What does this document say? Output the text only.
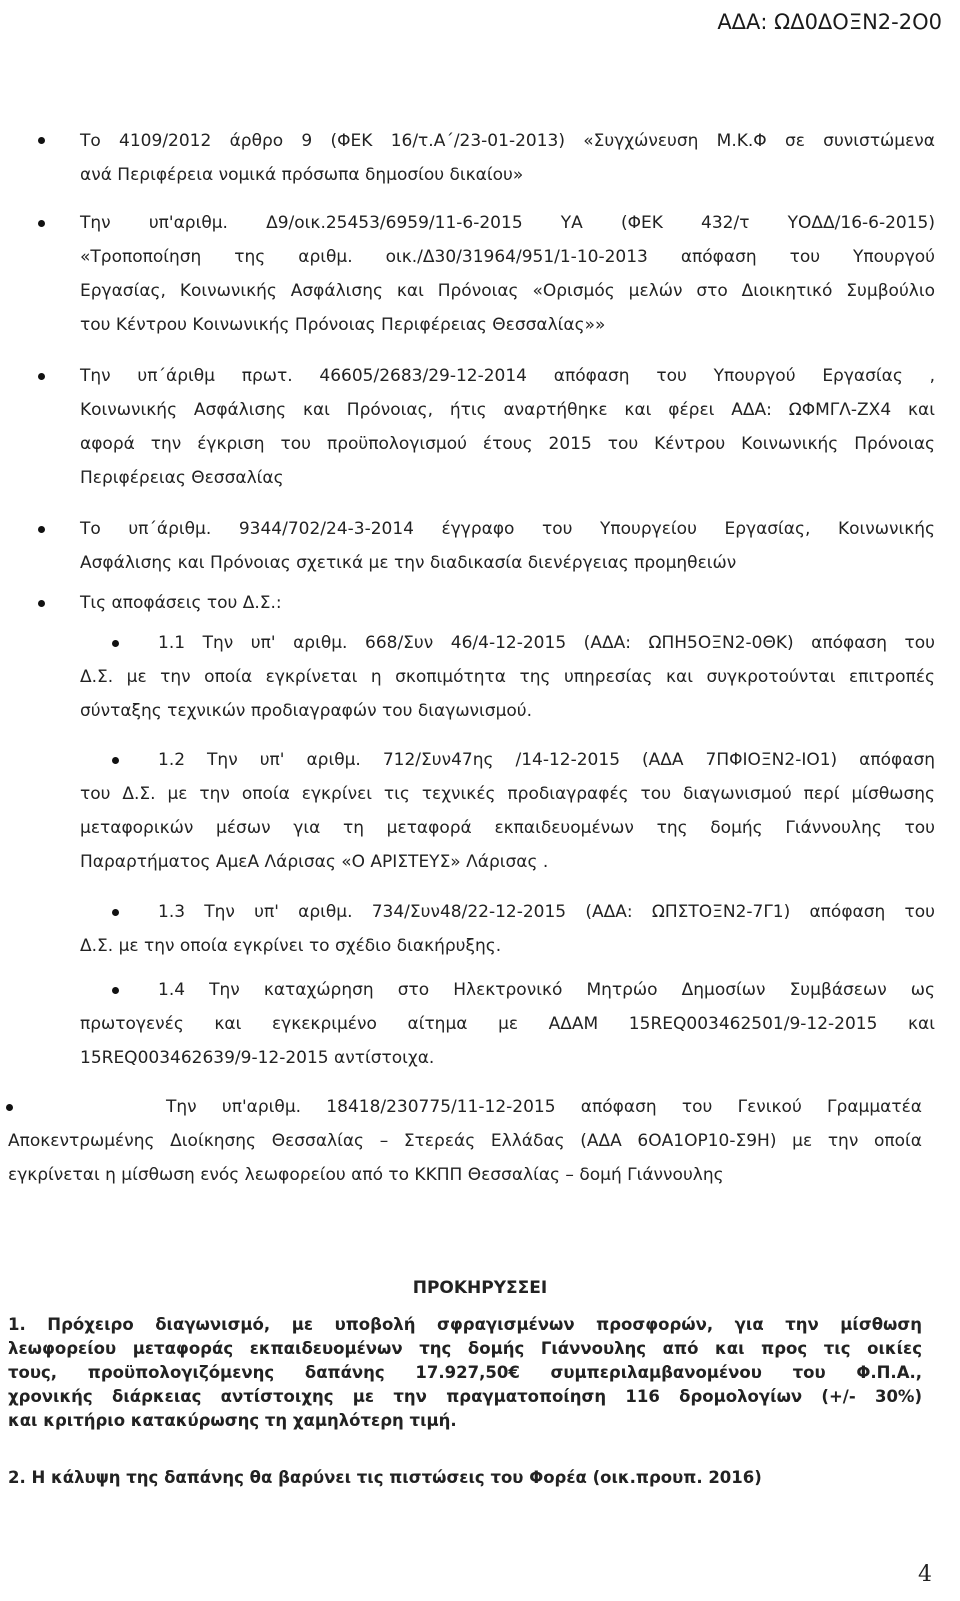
ΑΔΑ: ΩΔ0ΔΟΞΝ2-2Ο0
Το 4109/2012 άρθρο 9 (ΦΕΚ 16/τ.Α΄/23-01-2013) «Συγχώνευση Μ.Κ.Φ σε συνιστώμενα
ανά Περιφέρεια νομικά πρόσωπα δημοσίου δικαίου»
Την υπ'αριθμ. Δ9/οικ.25453/6959/11-6-2015 ΥΑ (ΦΕΚ 432/τ ΥΟΔΔ/16-6-2015)
«Τροποποίηση της αριθμ. οικ./Δ30/31964/951/1-10-2013 απόφαση του Υπουργού
Εργασίας, Κοινωνικής Ασφάλισης και Πρόνοιας «Ορισμός μελών στο Διοικητικό Συμβούλιο
του Κέντρου Κοινωνικής Πρόνοιας Περιφέρειας Θεσσαλίας»»
Την υπ΄άριθμ πρωτ. 46605/2683/29-12-2014 απόφαση του Υπουργού Εργασίας ,
Κοινωνικής Ασφάλισης και Πρόνοιας, ήτις αναρτήθηκε και φέρει ΑΔΑ: ΩΦΜΓΛ-ΖΧ4 και
αφορά την έγκριση του προϋπολογισμού έτους 2015 του Κέντρου Κοινωνικής Πρόνοιας
Περιφέρειας Θεσσαλίας
Το υπ΄άριθμ. 9344/702/24-3-2014 έγγραφο του Υπουργείου Εργασίας, Κοινωνικής
Ασφάλισης και Πρόνοιας σχετικά με την διαδικασία διενέργειας προμηθειών
Τις αποφάσεις του Δ.Σ.:
1.1 Την υπ' αριθμ. 668/Συν 46/4-12-2015 (ΑΔΑ: ΩΠΗ5ΟΞΝ2-0ΘΚ) απόφαση του
Δ.Σ. με την οποία εγκρίνεται η σκοπιμότητα της υπηρεσίας και συγκροτούνται επιτροπές
σύνταξης τεχνικών προδιαγραφών του διαγωνισμού.
1.2 Την υπ' αριθμ. 712/Συν47ης /14-12-2015 (ΑΔΑ 7ΠΦΙΟΞΝ2-ΙΟ1) απόφαση
του Δ.Σ. με την οποία εγκρίνει τις τεχνικές προδιαγραφές του διαγωνισμού περί μίσθωσης
μεταφορικών μέσων για τη μεταφορά εκπαιδευομένων της δομής Γιάννουλης του
Παραρτήματος ΑμεΑ Λάρισας «Ο ΑΡΙΣΤΕΥΣ» Λάρισας .
1.3 Την υπ' αριθμ. 734/Συν48/22-12-2015 (ΑΔΑ: ΩΠΣΤΟΞΝ2-7Γ1) απόφαση του
Δ.Σ. με την οποία εγκρίνει το σχέδιο διακήρυξης.
1.4 Την καταχώρηση στο Ηλεκτρονικό Μητρώο Δημοσίων Συμβάσεων ως
πρωτογενές και εγκεκριμένο αίτημα με ΑΔΑΜ 15REQ003462501/9-12-2015 και
15REQ003462639/9-12-2015 αντίστοιχα.
Την υπ'αριθμ. 18418/230775/11-12-2015 απόφαση του Γενικού Γραμματέα
Αποκεντρωμένης Διοίκησης Θεσσαλίας – Στερεάς Ελλάδας (ΑΔΑ 6ΟΑ1ΟΡ10-Σ9Η) με την οποία
εγκρίνεται η μίσθωση ενός λεωφορείου από το ΚΚΠΠ Θεσσαλίας – δομή Γιάννουλης
ΠΡΟΚΗΡΥΣΣΕΙ
1. Πρόχειρο διαγωνισμό, με υποβολή σφραγισμένων προσφορών, για την μίσθωση
λεωφορείου μεταφοράς εκπαιδευομένων της δομής Γιάννουλης από και προς τις οικίες
τους, προϋπολογιζόμενης δαπάνης 17.927,50€ συμπεριλαμβανομένου του Φ.Π.Α.,
χρονικής διάρκειας αντίστοιχης με την πραγματοποίηση 116 δρομολογίων (+/- 30%)
και κριτήριο κατακύρωσης τη χαμηλότερη τιμή.
2. Η κάλυψη της δαπάνης θα βαρύνει τις πιστώσεις του Φορέα (οικ.προυπ. 2016)
4
